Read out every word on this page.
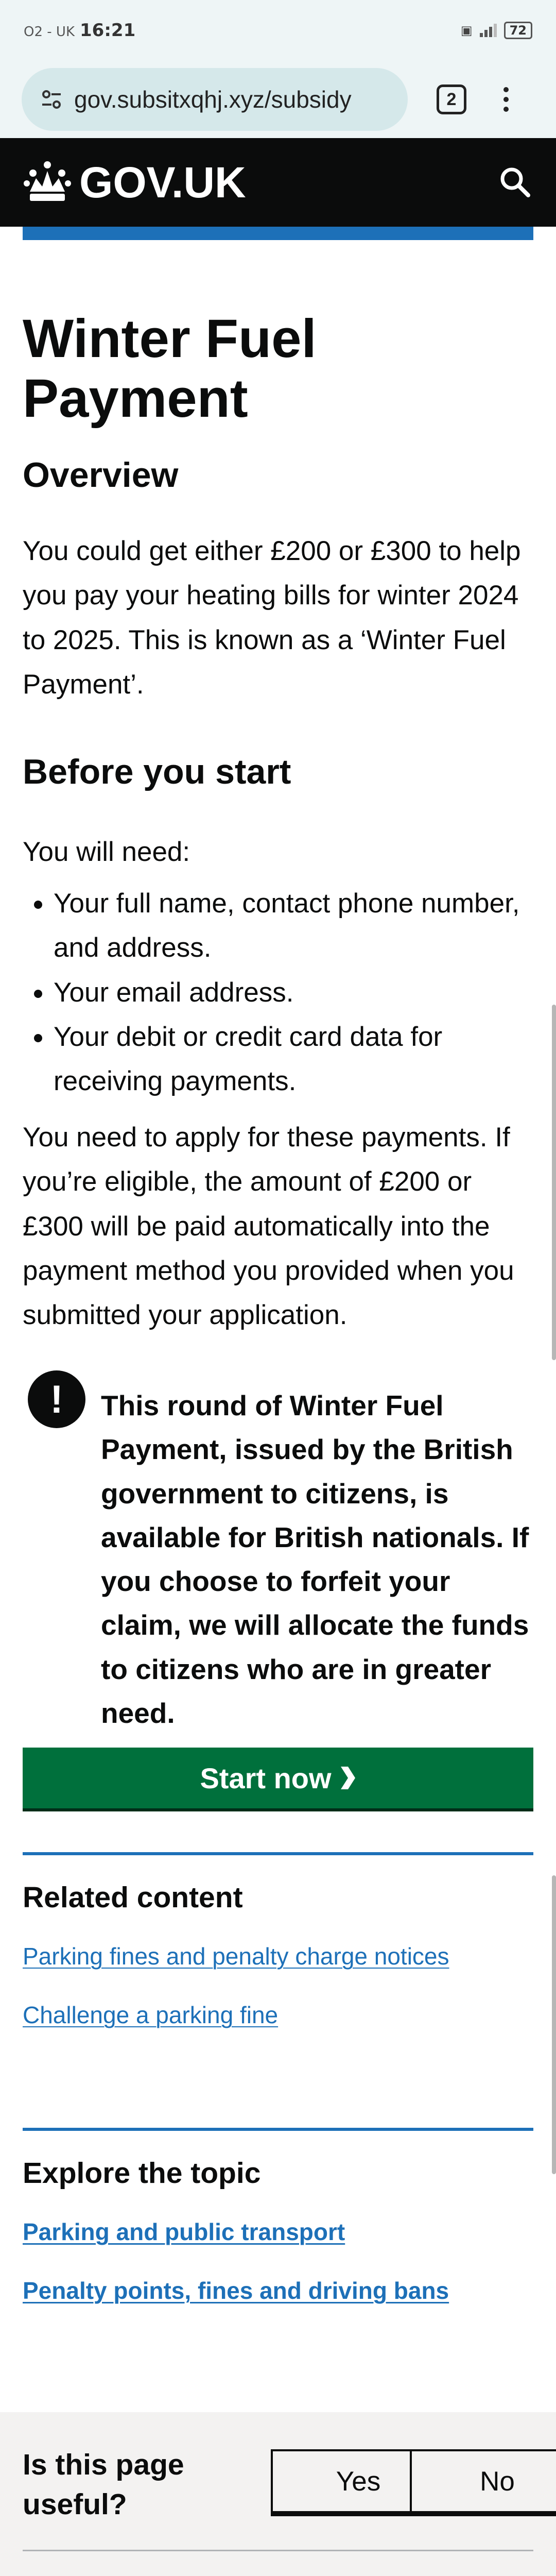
O2 - UK 16:21	▣	72
gov.subsitxqhj.xyz/subsidy	2
GOV.UK
Winter Fuel Payment
Overview

You could get either £200 or £300 to help you pay your heating bills for winter 2024 to 2025. This is known as a ‘Winter Fuel Payment’.

Before you start

You will need:

• Your full name, contact phone number, and address.
• Your email address.
• Your debit or credit card data for receiving payments.

You need to apply for these payments. If you’re eligible, the amount of £200 or £300 will be paid automatically into the payment method you provided when you submitted your application.

!	This round of Winter Fuel Payment, issued by the British government to citizens, is available for British nationals. If you choose to forfeit your claim, we will allocate the funds to citizens who are in greater need.
Start now
Related content
Parking fines and penalty charge notices
Challenge a parking fine
Explore the topic
Parking and public transport
Penalty points, fines and driving bans
Is this page useful?
Yes	No
